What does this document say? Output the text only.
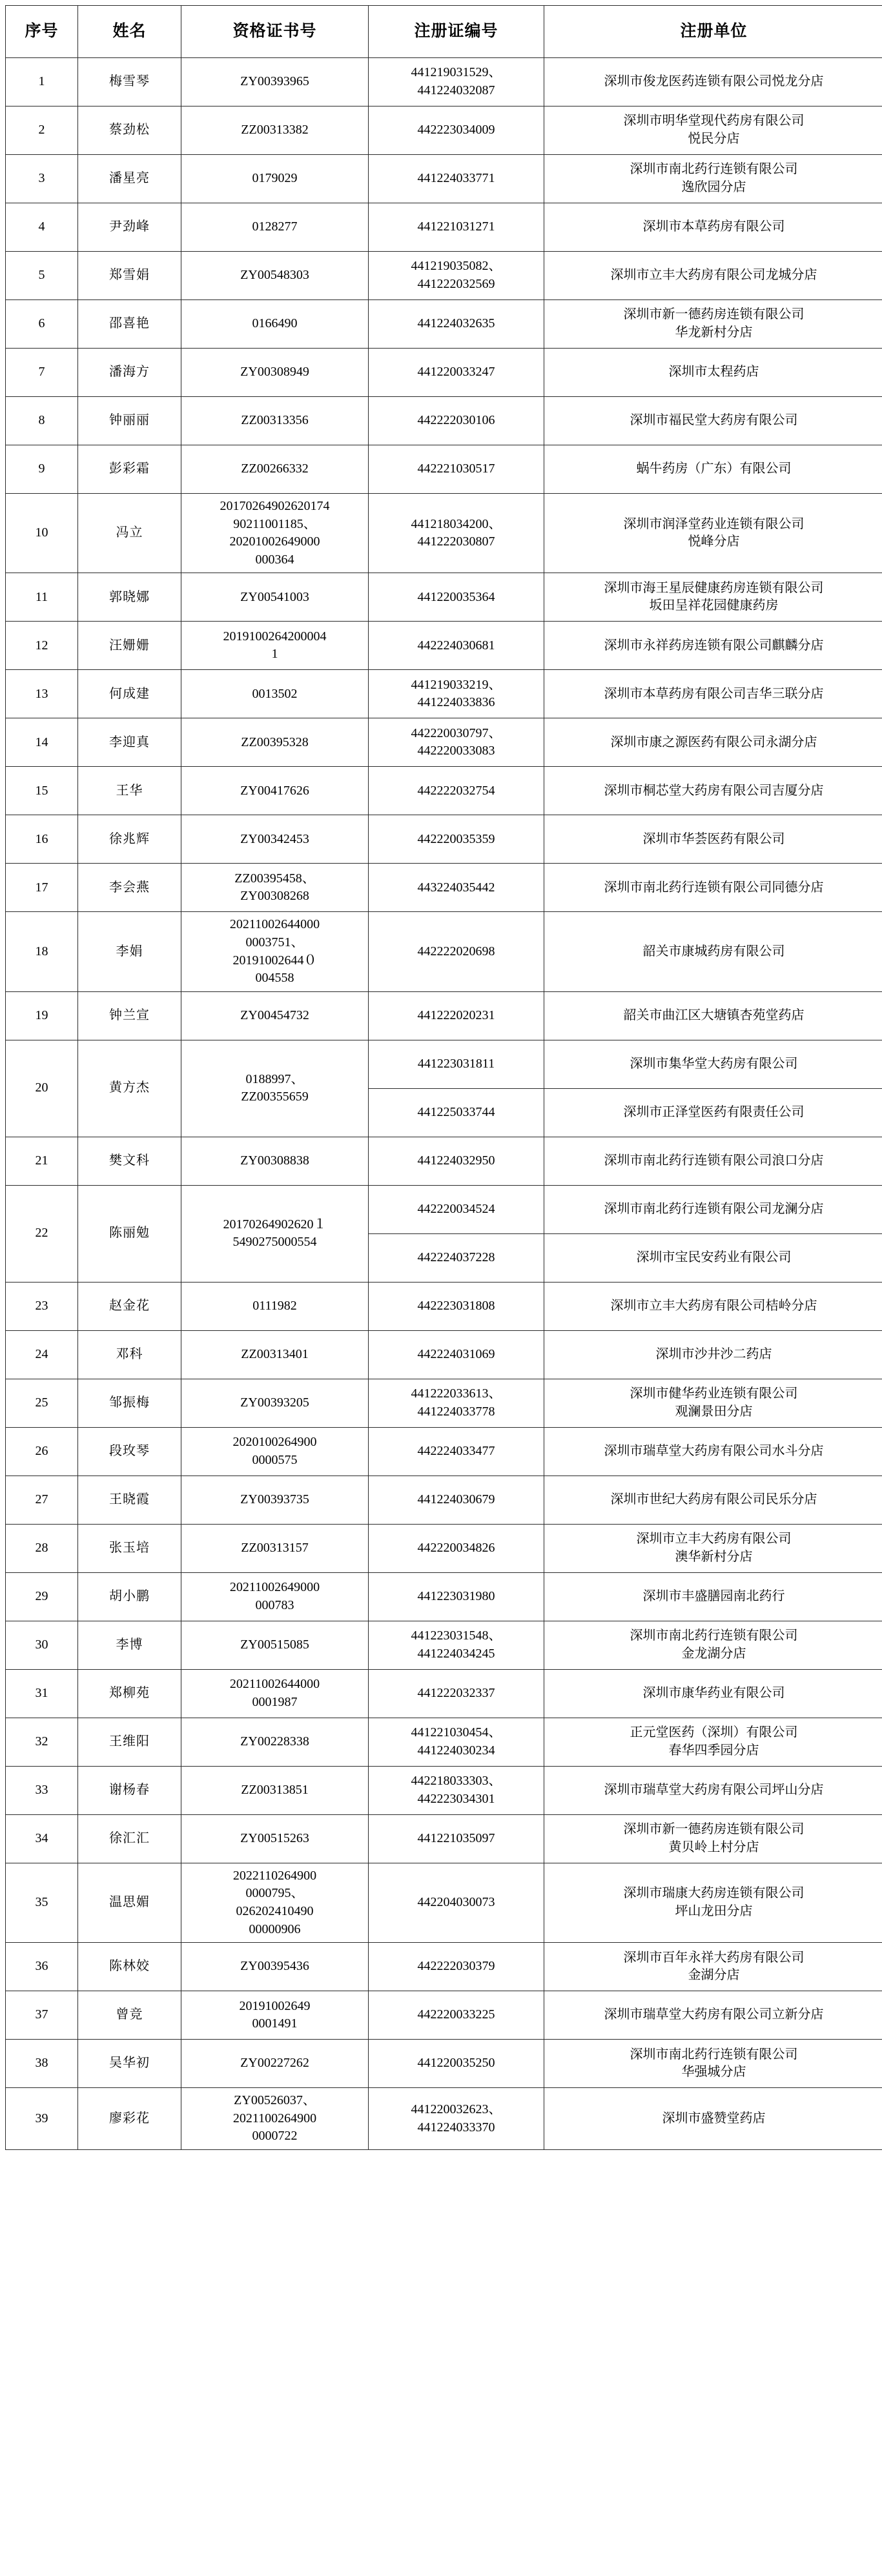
序号	姓名	资格证书号	注册证编号	注册单位

1	梅雪琴	ZY00393965	441219031529、
441224032087	深圳市俊龙医药连锁有限公司悦龙分店

2	蔡劲松	ZZ00313382	442223034009	深圳市明华堂现代药房有限公司
悦民分店

3	潘星亮	0179029	441224033771	深圳市南北药行连锁有限公司
逸欣园分店

4	尹劲峰	0128277	441221031271	深圳市本草药房有限公司

5	郑雪娟	ZY00548303	441219035082、
441222032569	深圳市立丰大药房有限公司龙城分店

6	邵喜艳	0166490	441224032635	深圳市新一德药房连锁有限公司
华龙新村分店

7	潘海方	ZY00308949	441220033247	深圳市太程药店

8	钟丽丽	ZZ00313356	442222030106	深圳市福民堂大药房有限公司

9	彭彩霜	ZZ00266332	442221030517	蜗牛药房（广东）有限公司

10	冯立	20170264902620174
90211001185、
20201002649000
000364	441218034200、
441222030807	深圳市润泽堂药业连锁有限公司
悦峰分店

11	郭晓娜	ZY00541003	441220035364	深圳市海王星辰健康药房连锁有限公司
坂田呈祥花园健康药房

12	汪姗姗	2019100264200004
1	442224030681	深圳市永祥药房连锁有限公司麒麟分店

13	何成建	0013502	441219033219、
441224033836	深圳市本草药房有限公司吉华三联分店

14	李迎真	ZZ00395328	442220030797、
442220033083	深圳市康之源医药有限公司永湖分店

15	王华	ZY00417626	442222032754	深圳市桐芯堂大药房有限公司吉厦分店

16	徐兆辉	ZY00342453	442220035359	深圳市华荟医药有限公司

17	李会燕	ZZ00395458、
ZY00308268	443224035442	深圳市南北药行连锁有限公司同德分店

18	李娟	20211002644000
0003751、
20191002644０
004558	442222020698	韶关市康城药房有限公司

19	钟兰宣	ZY00454732	441222020231	韶关市曲江区大塘镇杏苑堂药店

20	黄方杰	0188997、
ZZ00355659	441223031811	深圳市集华堂大药房有限公司

			441225033744	深圳市正泽堂医药有限责任公司

21	樊文科	ZY00308838	441224032950	深圳市南北药行连锁有限公司浪口分店

22	陈丽勉	20170264902620１
5490275000554	442220034524	深圳市南北药行连锁有限公司龙澜分店

			442224037228	深圳市宝民安药业有限公司

23	赵金花	0111982	442223031808	深圳市立丰大药房有限公司桔岭分店

24	邓科	ZZ00313401	442224031069	深圳市沙井沙二药店

25	邹振梅	ZY00393205	441222033613、
441224033778	深圳市健华药业连锁有限公司
观澜景田分店

26	段玫琴	2020100264900
0000575	442224033477	深圳市瑞草堂大药房有限公司水斗分店

27	王晓霞	ZY00393735	441224030679	深圳市世纪大药房有限公司民乐分店

28	张玉培	ZZ00313157	442220034826	深圳市立丰大药房有限公司
澳华新村分店

29	胡小鹏	20211002649000
000783	441223031980	深圳市丰盛膳园南北药行

30	李博	ZY00515085	441223031548、
441224034245	深圳市南北药行连锁有限公司
金龙湖分店

31	郑柳苑	20211002644000
0001987	441222032337	深圳市康华药业有限公司

32	王维阳	ZY00228338	441221030454、
441224030234	正元堂医药（深圳）有限公司
春华四季园分店

33	谢杨春	ZZ00313851	442218033303、
442223034301	深圳市瑞草堂大药房有限公司坪山分店

34	徐汇汇	ZY00515263	441221035097	深圳市新一德药房连锁有限公司
黄贝岭上村分店

35	温思媚	2022110264900
0000795、
026202410490
00000906	442204030073	深圳市瑞康大药房连锁有限公司
坪山龙田分店

36	陈林姣	ZY00395436	442222030379	深圳市百年永祥大药房有限公司
金湖分店

37	曾竞	20191002649
0001491	442220033225	深圳市瑞草堂大药房有限公司立新分店

38	吴华初	ZY00227262	441220035250	深圳市南北药行连锁有限公司
华强城分店

39	廖彩花	ZY00526037、
2021100264900
0000722	441220032623、
441224033370	深圳市盛赞堂药店
